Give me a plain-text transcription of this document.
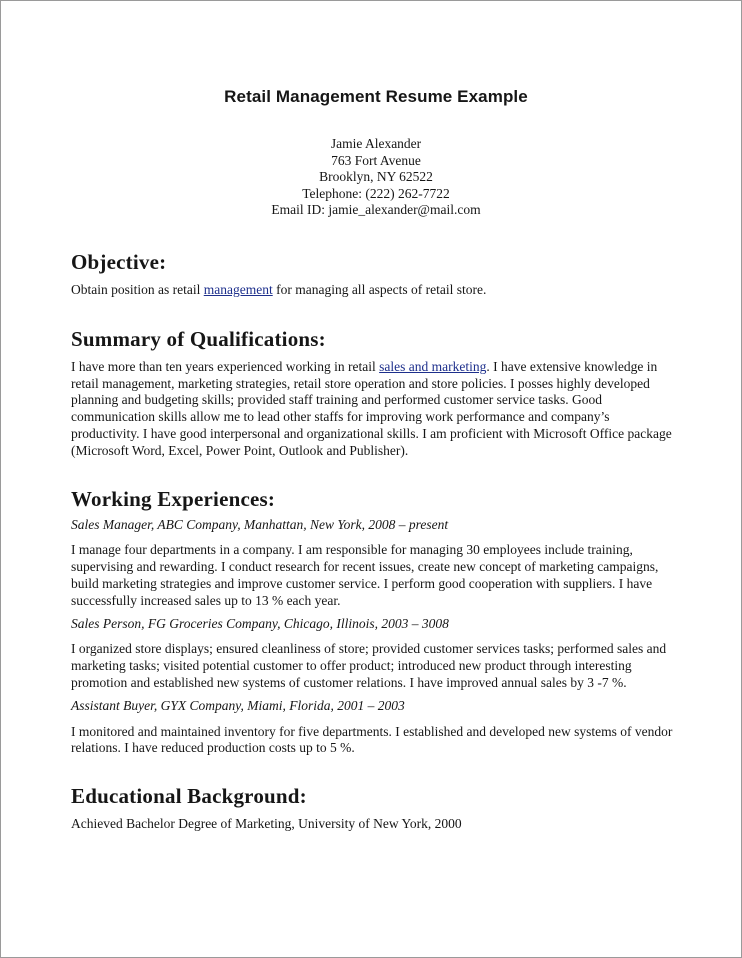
Retail Management Resume Example
Jamie Alexander
763 Fort Avenue
Brooklyn, NY 62522
Telephone: (222) 262-7722
Email ID: jamie_alexander@mail.com
Objective:

Obtain position as retail management for managing all aspects of retail store.

Summary of Qualifications:

I have more than ten years experienced working in retail sales and marketing. I have extensive knowledge in retail management, marketing strategies, retail store operation and store policies. I posses highly developed planning and budgeting skills; provided staff training and performed customer service tasks. Good communication skills allow me to lead other staffs for improving work performance and company’s productivity. I have good interpersonal and organizational skills. I am proficient with Microsoft Office package (Microsoft Word, Excel, Power Point, Outlook and Publisher).

Working Experiences:

Sales Manager, ABC Company, Manhattan, New York, 2008 – present

I manage four departments in a company. I am responsible for managing 30 employees include training, supervising and rewarding. I conduct research for recent issues, create new concept of marketing campaigns, build marketing strategies and improve customer service. I perform good cooperation with suppliers. I have successfully increased sales up to 13 % each year.

Sales Person, FG Groceries Company, Chicago, Illinois, 2003 – 3008

I organized store displays; ensured cleanliness of store; provided customer services tasks; performed sales and marketing tasks; visited potential customer to offer product; introduced new product through interesting promotion and established new systems of customer relations. I have improved annual sales by 3 -7 %.

Assistant Buyer, GYX Company, Miami, Florida, 2001 – 2003

I monitored and maintained inventory for five departments. I established and developed new systems of vendor relations. I have reduced production costs up to 5 %.

Educational Background:

Achieved Bachelor Degree of Marketing, University of New York, 2000
